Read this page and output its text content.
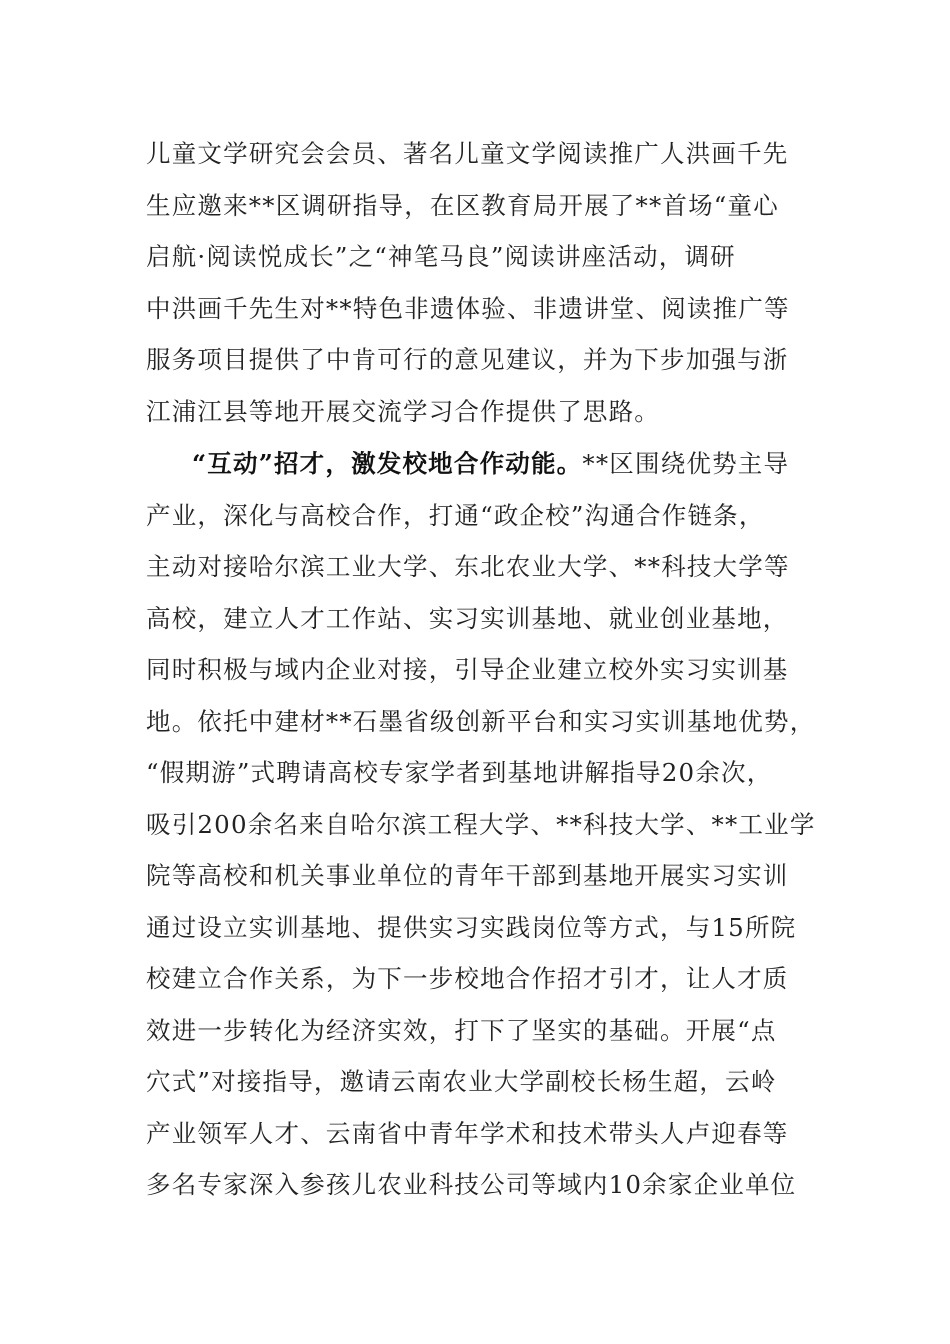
儿童文学研究会会员、著名儿童文学阅读推广人洪画千先
生应邀来**区调研指导，在区教育局开展了**首场“童心
启航·阅读悦成长”之“神笔马良”阅读讲座活动，调研
中洪画千先生对**特色非遗体验、非遗讲堂、阅读推广等
服务项目提供了中肯可行的意见建议，并为下步加强与浙
江浦江县等地开展交流学习合作提供了思路。
“互动”招才，激发校地合作动能。**区围绕优势主导
产业，深化与高校合作，打通“政企校”沟通合作链条，
主动对接哈尔滨工业大学、东北农业大学、**科技大学等
高校，建立人才工作站、实习实训基地、就业创业基地，
同时积极与域内企业对接，引导企业建立校外实习实训基
地。依托中建材**石墨省级创新平台和实习实训基地优势，
“假期游”式聘请高校专家学者到基地讲解指导20余次，
吸引200余名来自哈尔滨工程大学、**科技大学、**工业学
院等高校和机关事业单位的青年干部到基地开展实习实训
通过设立实训基地、提供实习实践岗位等方式，与15所院
校建立合作关系，为下一步校地合作招才引才，让人才质
效进一步转化为经济实效，打下了坚实的基础。开展“点
穴式”对接指导，邀请云南农业大学副校长杨生超，云岭
产业领军人才、云南省中青年学术和技术带头人卢迎春等
多名专家深入参孩儿农业科技公司等域内10余家企业单位
